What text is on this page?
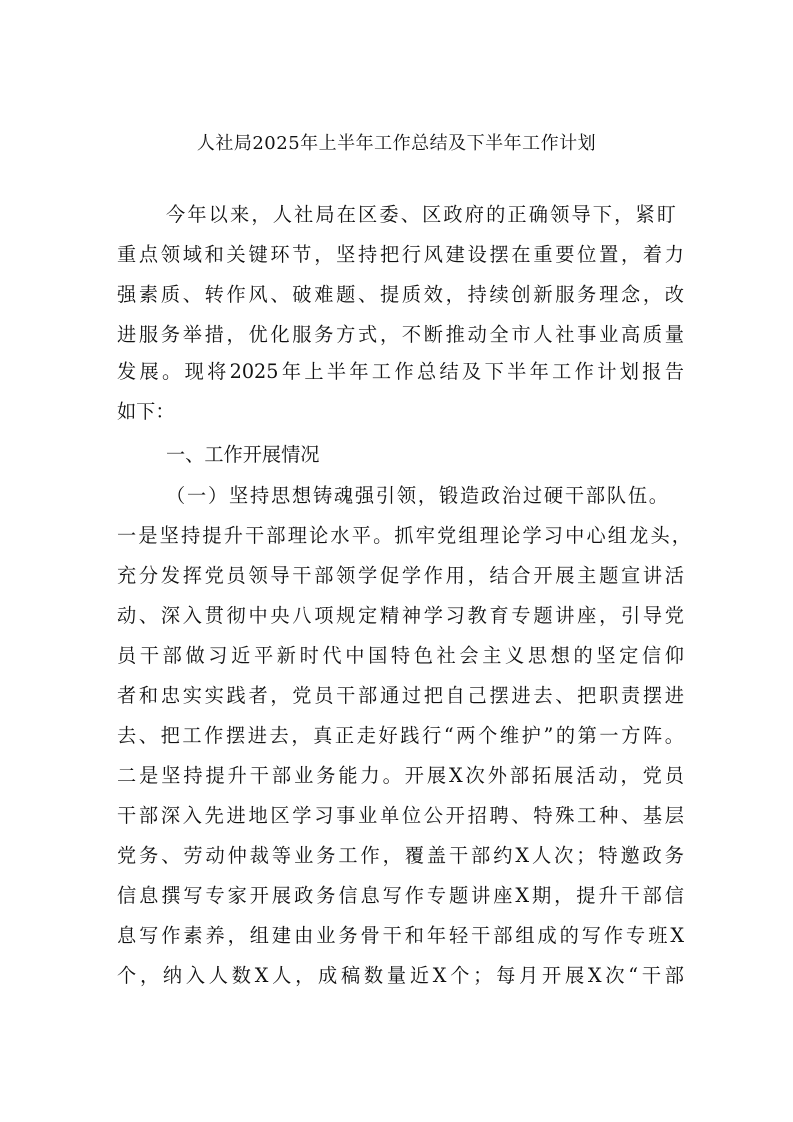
人社局2025年上半年工作总结及下半年工作计划
今年以来，人社局在区委、区政府的正确领导下，紧盯
重点领域和关键环节，坚持把行风建设摆在重要位置，着力
强素质、转作风、破难题、提质效，持续创新服务理念，改
进服务举措，优化服务方式，不断推动全市人社事业高质量
发展。现将2025年上半年工作总结及下半年工作计划报告
如下：
一、工作开展情况
（一）坚持思想铸魂强引领，锻造政治过硬干部队伍。
一是坚持提升干部理论水平。抓牢党组理论学习中心组龙头，
充分发挥党员领导干部领学促学作用，结合开展主题宣讲活
动、深入贯彻中央八项规定精神学习教育专题讲座，引导党
员干部做习近平新时代中国特色社会主义思想的坚定信仰
者和忠实实践者，党员干部通过把自己摆进去、把职责摆进
去、把工作摆进去，真正走好践行“两个维护”的第一方阵。
二是坚持提升干部业务能力。开展X次外部拓展活动，党员
干部深入先进地区学习事业单位公开招聘、特殊工种、基层
党务、劳动仲裁等业务工作，覆盖干部约X人次；特邀政务
信息撰写专家开展政务信息写作专题讲座X期，提升干部信
息写作素养，组建由业务骨干和年轻干部组成的写作专班X
个，纳入人数X人，成稿数量近X个；每月开展X次“干部
